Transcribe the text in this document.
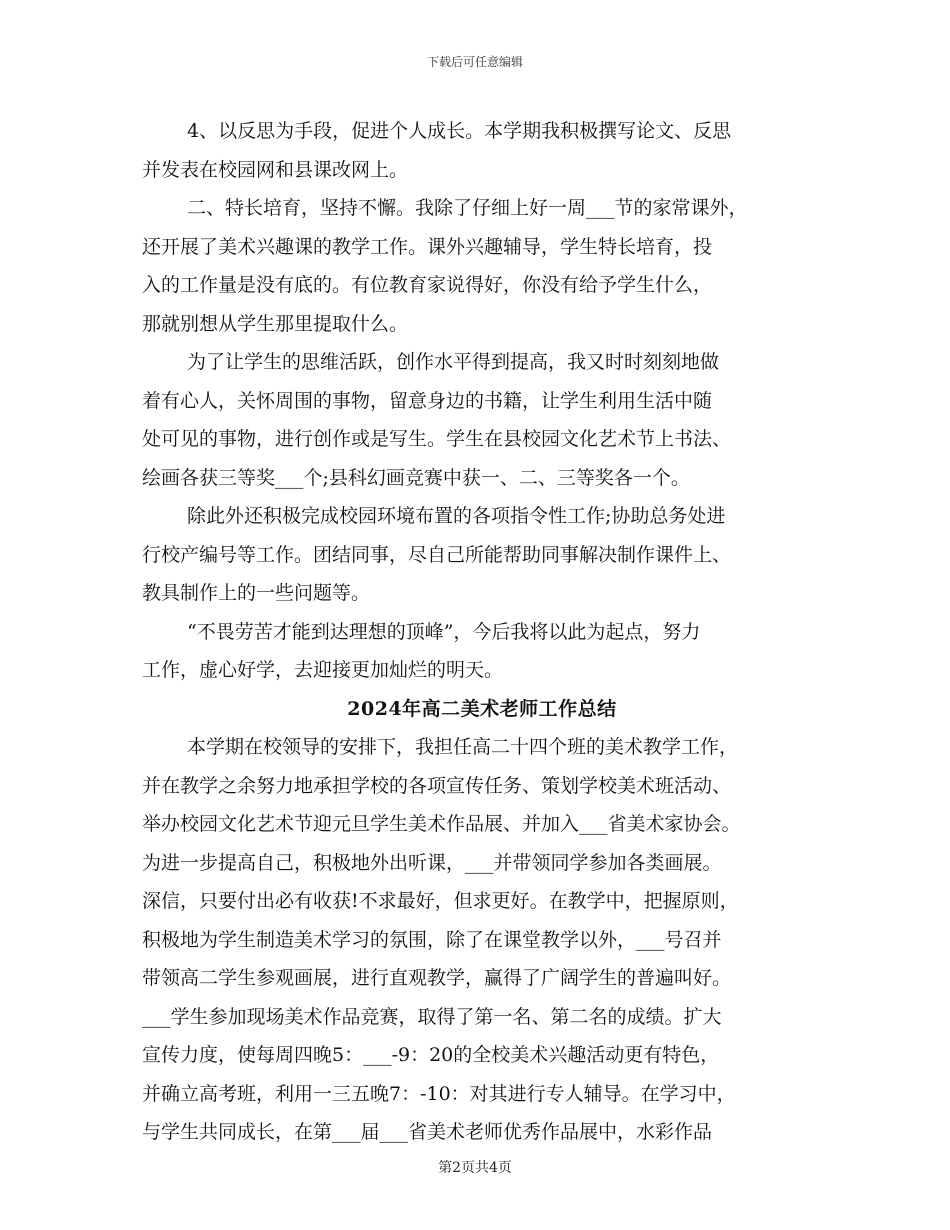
下载后可任意编辑
4、以反思为手段，促进个人成长。本学期我积极撰写论文、反思
并发表在校园网和县课改网上。
二、特长培育，坚持不懈。我除了仔细上好一周___节的家常课外，
还开展了美术兴趣课的教学工作。课外兴趣辅导，学生特长培育，投
入的工作量是没有底的。有位教育家说得好，你没有给予学生什么，
那就别想从学生那里提取什么。
为了让学生的思维活跃，创作水平得到提高，我又时时刻刻地做
着有心人，关怀周围的事物，留意身边的书籍，让学生利用生活中随
处可见的事物，进行创作或是写生。学生在县校园文化艺术节上书法、
绘画各获三等奖___个;县科幻画竞赛中获一、二、三等奖各一个。
除此外还积极完成校园环境布置的各项指令性工作;协助总务处进
行校产编号等工作。团结同事，尽自己所能帮助同事解决制作课件上、
教具制作上的一些问题等。
“不畏劳苦才能到达理想的顶峰”，今后我将以此为起点，努力
工作，虚心好学，去迎接更加灿烂的明天。
2024年高二美术老师工作总结
本学期在校领导的安排下，我担任高二十四个班的美术教学工作，
并在教学之余努力地承担学校的各项宣传任务、策划学校美术班活动、
举办校园文化艺术节迎元旦学生美术作品展、并加入___省美术家协会。
为进一步提高自己，积极地外出听课，___并带领同学参加各类画展。
深信，只要付出必有收获!不求最好，但求更好。在教学中，把握原则，
积极地为学生制造美术学习的氛围，除了在课堂教学以外，___号召并
带领高二学生参观画展，进行直观教学，赢得了广阔学生的普遍叫好。
___学生参加现场美术作品竞赛，取得了第一名、第二名的成绩。扩大
宣传力度，使每周四晚5：___-9：20的全校美术兴趣活动更有特色，
并确立高考班，利用一三五晚7：-10：对其进行专人辅导。在学习中，
与学生共同成长，在第___届___省美术老师优秀作品展中，水彩作品
第2页共4页
